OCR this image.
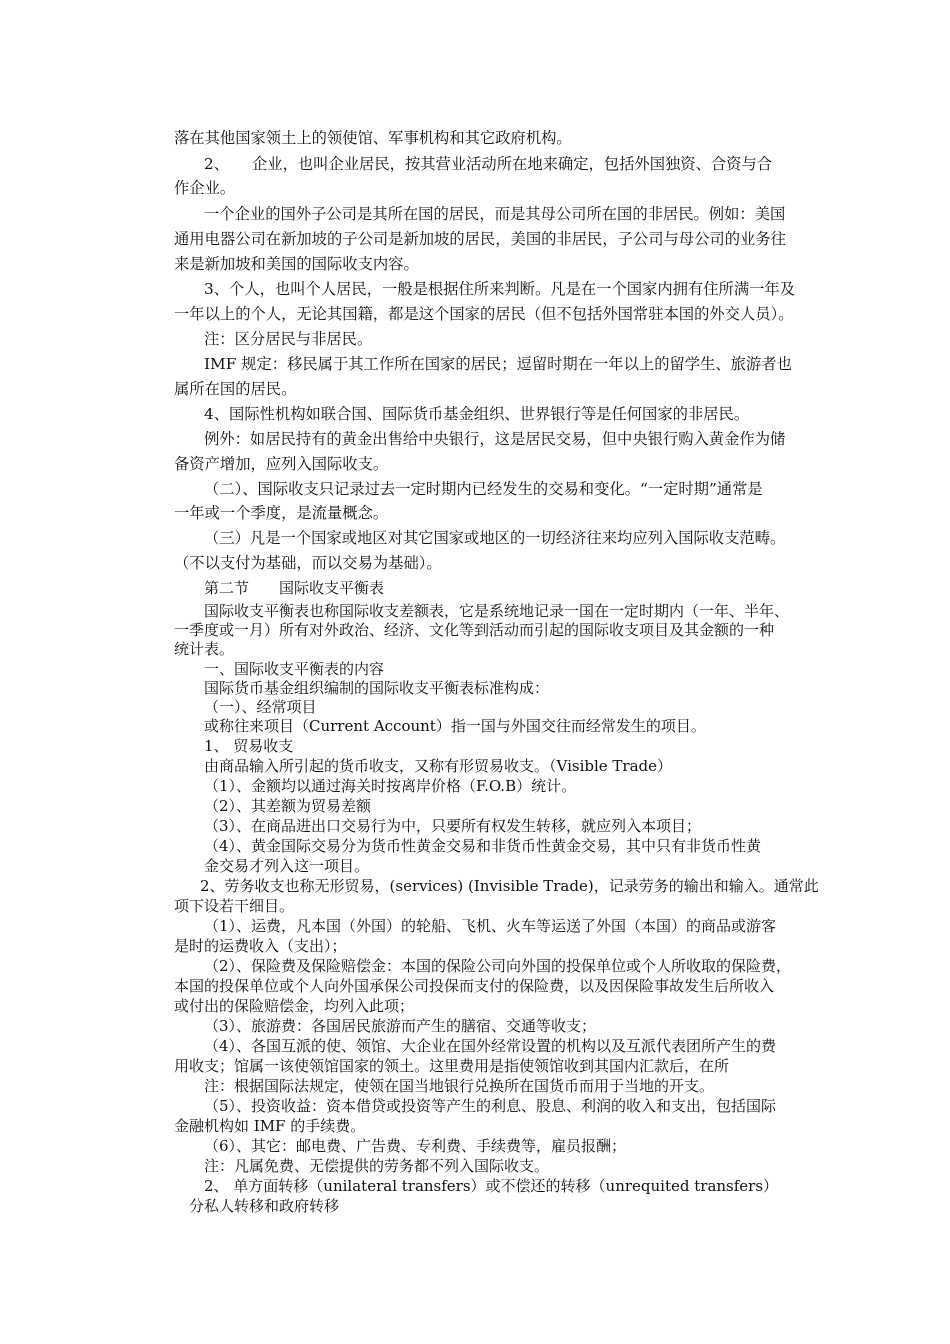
落在其他国家领土上的领使馆、军事机构和其它政府机构。
2、　　企业，也叫企业居民，按其营业活动所在地来确定，包括外国独资、合资与合
作企业。
一个企业的国外子公司是其所在国的居民，而是其母公司所在国的非居民。例如：美国
通用电器公司在新加坡的子公司是新加坡的居民，美国的非居民，子公司与母公司的业务往
来是新加坡和美国的国际收支内容。
3、个人，也叫个人居民，一般是根据住所来判断。凡是在一个国家内拥有住所满一年及
一年以上的个人，无论其国籍，都是这个国家的居民（但不包括外国常驻本国的外交人员）。
注：区分居民与非居民。
IMF 规定：移民属于其工作所在国家的居民；逗留时期在一年以上的留学生、旅游者也
属所在国的居民。
4、国际性机构如联合国、国际货币基金组织、世界银行等是任何国家的非居民。
例外：如居民持有的黄金出售给中央银行，这是居民交易，但中央银行购入黄金作为储
备资产增加，应列入国际收支。
（二）、国际收支只记录过去一定时期内已经发生的交易和变化。“一定时期”通常是
一年或一个季度，是流量概念。
（三）凡是一个国家或地区对其它国家或地区的一切经济往来均应列入国际收支范畴。
（不以支付为基础，而以交易为基础）。
第二节　　国际收支平衡表
国际收支平衡表也称国际收支差额表，它是系统地记录一国在一定时期内（一年、半年、
一季度或一月）所有对外政治、经济、文化等到活动而引起的国际收支项目及其金额的一种
统计表。
一、国际收支平衡表的内容
国际货币基金组织编制的国际收支平衡表标准构成：
（一）、经常项目
或称往来项目（Current Account）指一国与外国交往而经常发生的项目。
1、 贸易收支
由商品输入所引起的货币收支，又称有形贸易收支。（Visible Trade）
（1）、金额均以通过海关时按离岸价格（F.O.B）统计。
（2）、其差额为贸易差额
（3）、在商品进出口交易行为中，只要所有权发生转移，就应列入本项目；
（4）、黄金国际交易分为货币性黄金交易和非货币性黄金交易，其中只有非货币性黄
金交易才列入这一项目。
2、劳务收支也称无形贸易，(services) (Invisible Trade)，记录劳务的输出和输入。通常此
项下设若干细目。
（1）、运费，凡本国（外国）的轮船、飞机、火车等运送了外国（本国）的商品或游客
是时的运费收入（支出）；
（2）、保险费及保险赔偿金：本国的保险公司向外国的投保单位或个人所收取的保险费，
本国的投保单位或个人向外国承保公司投保而支付的保险费，以及因保险事故发生后所收入
或付出的保险赔偿金，均列入此项；
（3）、旅游费：各国居民旅游而产生的膳宿、交通等收支；
（4）、各国互派的使、领馆、大企业在国外经常设置的机构以及互派代表团所产生的费
用收支；馆属一该使领馆国家的领土。这里费用是指使领馆收到其国内汇款后，在所
注：根据国际法规定，使领在国当地银行兑换所在国货币而用于当地的开支。
（5）、投资收益：资本借贷或投资等产生的利息、股息、利润的收入和支出，包括国际
金融机构如 IMF 的手续费。
（6）、其它：邮电费、广告费、专利费、手续费等，雇员报酬；
注：凡属免费、无偿提供的劳务都不列入国际收支。
2、 单方面转移（unilateral transfers）或不偿还的转移（unrequited transfers）
分私人转移和政府转移
